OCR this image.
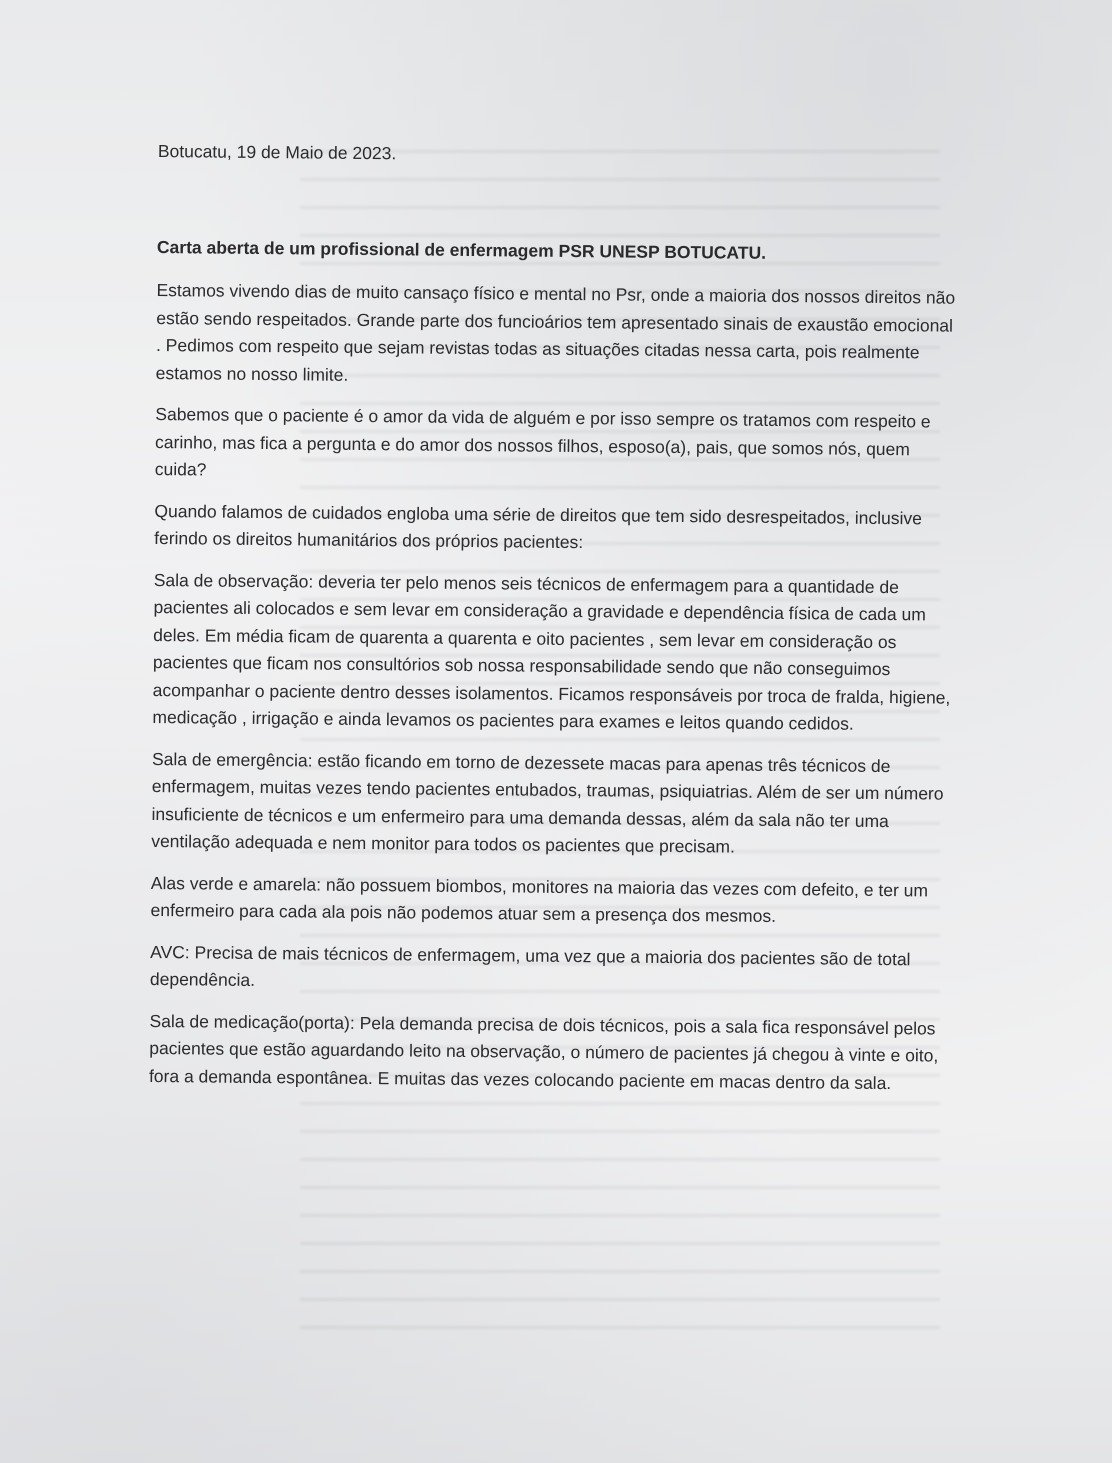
Botucatu, 19 de Maio de 2023.

Carta aberta de um profissional de enfermagem PSR UNESP BOTUCATU.

Estamos vivendo dias de muito cansaço físico e mental no Psr, onde a maioria dos nossos direitos não estão sendo respeitados. Grande parte dos funcioários tem apresentado sinais de exaustão emocional . Pedimos com respeito que sejam revistas todas as situações citadas nessa carta, pois realmente estamos no nosso limite.

Sabemos que o paciente é o amor da vida de alguém e por isso sempre os tratamos com respeito e carinho, mas fica a pergunta e do amor dos nossos filhos, esposo(a), pais, que somos nós, quem cuida?

Quando falamos de cuidados engloba uma série de direitos que tem sido desrespeitados, inclusive ferindo os direitos humanitários dos próprios pacientes:

Sala de observação: deveria ter pelo menos seis técnicos de enfermagem para a quantidade de pacientes ali colocados e sem levar em consideração a gravidade e dependência física de cada um deles. Em média ficam de quarenta a quarenta e oito pacientes , sem levar em consideração os pacientes que ficam nos consultórios sob nossa responsabilidade sendo que não conseguimos acompanhar o paciente dentro desses isolamentos. Ficamos responsáveis por troca de fralda, higiene, medicação , irrigação e ainda levamos os pacientes para exames e leitos quando cedidos.

Sala de emergência: estão ficando em torno de dezessete macas para apenas três técnicos de enfermagem, muitas vezes tendo pacientes entubados, traumas, psiquiatrias. Além de ser um número insuficiente de técnicos e um enfermeiro para uma demanda dessas, além da sala não ter uma ventilação adequada e nem monitor para todos os pacientes que precisam.

Alas verde e amarela: não possuem biombos, monitores na maioria das vezes com defeito, e ter um enfermeiro para cada ala pois não podemos atuar sem a presença dos mesmos.

AVC: Precisa de mais técnicos de enfermagem, uma vez que a maioria dos pacientes são de total dependência.

Sala de medicação(porta): Pela demanda precisa de dois técnicos, pois a sala fica responsável pelos pacientes que estão aguardando leito na observação, o número de pacientes já chegou à vinte e oito, fora a demanda espontânea. E muitas das vezes colocando paciente em macas dentro da sala.
